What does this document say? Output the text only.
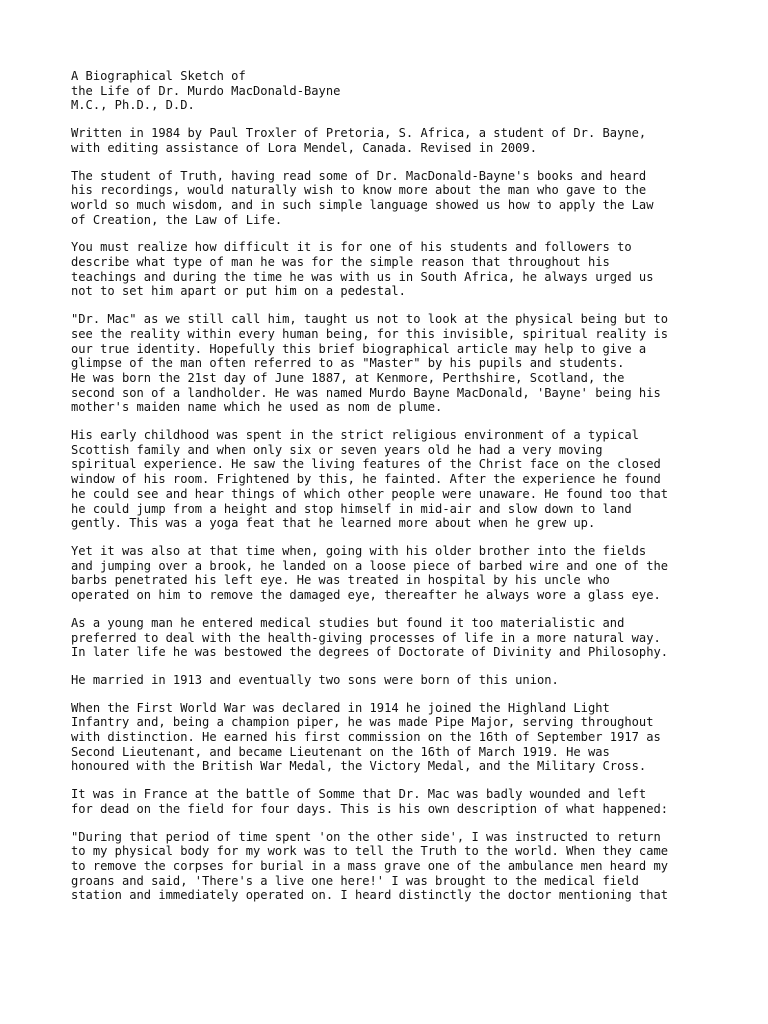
A Biographical Sketch of
the Life of Dr. Murdo MacDonald-Bayne
M.C., Ph.D., D.D.
Written in 1984 by Paul Troxler of Pretoria, S. Africa, a student of Dr. Bayne,
with editing assistance of Lora Mendel, Canada. Revised in 2009.
The student of Truth, having read some of Dr. MacDonald-Bayne's books and heard
his recordings, would naturally wish to know more about the man who gave to the
world so much wisdom, and in such simple language showed us how to apply the Law
of Creation, the Law of Life.
You must realize how difficult it is for one of his students and followers to
describe what type of man he was for the simple reason that throughout his
teachings and during the time he was with us in South Africa, he always urged us
not to set him apart or put him on a pedestal.
"Dr. Mac" as we still call him, taught us not to look at the physical being but to
see the reality within every human being, for this invisible, spiritual reality is
our true identity. Hopefully this brief biographical article may help to give a
glimpse of the man often referred to as "Master" by his pupils and students.
He was born the 21st day of June 1887, at Kenmore, Perthshire, Scotland, the
second son of a landholder. He was named Murdo Bayne MacDonald, 'Bayne' being his
mother's maiden name which he used as nom de plume.
His early childhood was spent in the strict religious environment of a typical
Scottish family and when only six or seven years old he had a very moving
spiritual experience. He saw the living features of the Christ face on the closed
window of his room. Frightened by this, he fainted. After the experience he found
he could see and hear things of which other people were unaware. He found too that
he could jump from a height and stop himself in mid-air and slow down to land
gently. This was a yoga feat that he learned more about when he grew up.
Yet it was also at that time when, going with his older brother into the fields
and jumping over a brook, he landed on a loose piece of barbed wire and one of the
barbs penetrated his left eye. He was treated in hospital by his uncle who
operated on him to remove the damaged eye, thereafter he always wore a glass eye.
As a young man he entered medical studies but found it too materialistic and
preferred to deal with the health-giving processes of life in a more natural way.
In later life he was bestowed the degrees of Doctorate of Divinity and Philosophy.
He married in 1913 and eventually two sons were born of this union.
When the First World War was declared in 1914 he joined the Highland Light
Infantry and, being a champion piper, he was made Pipe Major, serving throughout
with distinction. He earned his first commission on the 16th of September 1917 as
Second Lieutenant, and became Lieutenant on the 16th of March 1919. He was
honoured with the British War Medal, the Victory Medal, and the Military Cross.
It was in France at the battle of Somme that Dr. Mac was badly wounded and left
for dead on the field for four days. This is his own description of what happened:
"During that period of time spent 'on the other side', I was instructed to return
to my physical body for my work was to tell the Truth to the world. When they came
to remove the corpses for burial in a mass grave one of the ambulance men heard my
groans and said, 'There's a live one here!' I was brought to the medical field
station and immediately operated on. I heard distinctly the doctor mentioning that
